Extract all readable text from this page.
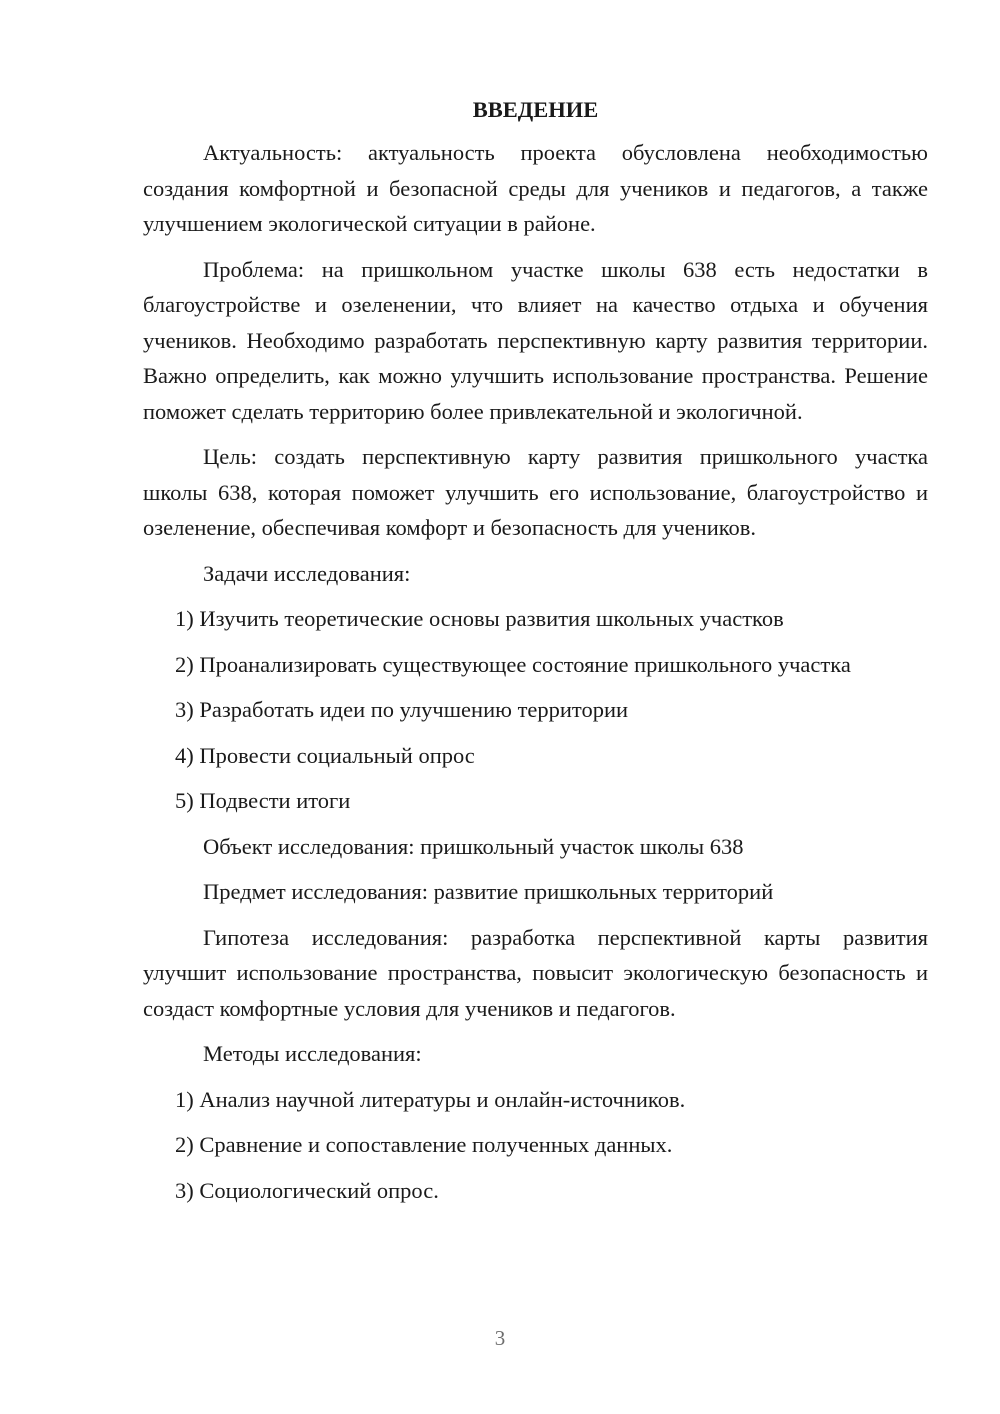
ВВЕДЕНИЕ

Актуальность: актуальность проекта обусловлена необходимостью создания комфортной и безопасной среды для учеников и педагогов, а также улучшением экологической ситуации в районе.

Проблема: на пришкольном участке школы 638 есть недостатки в благоустройстве и озеленении, что влияет на качество отдыха и обучения учеников. Необходимо разработать перспективную карту развития территории. Важно определить, как можно улучшить использование пространства. Решение поможет сделать территорию более привлекательной и экологичной.

Цель: создать перспективную карту развития пришкольного участка школы 638, которая поможет улучшить его использование, благоустройство и озеленение, обеспечивая комфорт и безопасность для учеников.

Задачи исследования:
1) Изучить теоретические основы развития школьных участков
2) Проанализировать существующее состояние пришкольного участка
3) Разработать идеи по улучшению территории
4) Провести социальный опрос
5) Подвести итоги
Объект исследования: пришкольный участок школы 638
Предмет исследования: развитие пришкольных территорий

Гипотеза исследования: разработка перспективной карты развития улучшит использование пространства, повысит экологическую безопасность и создаст комфортные условия для учеников и педагогов.

Методы исследования:
1) Анализ научной литературы и онлайн-источников.
2) Сравнение и сопоставление полученных данных.
3) Социологический опрос.
3
